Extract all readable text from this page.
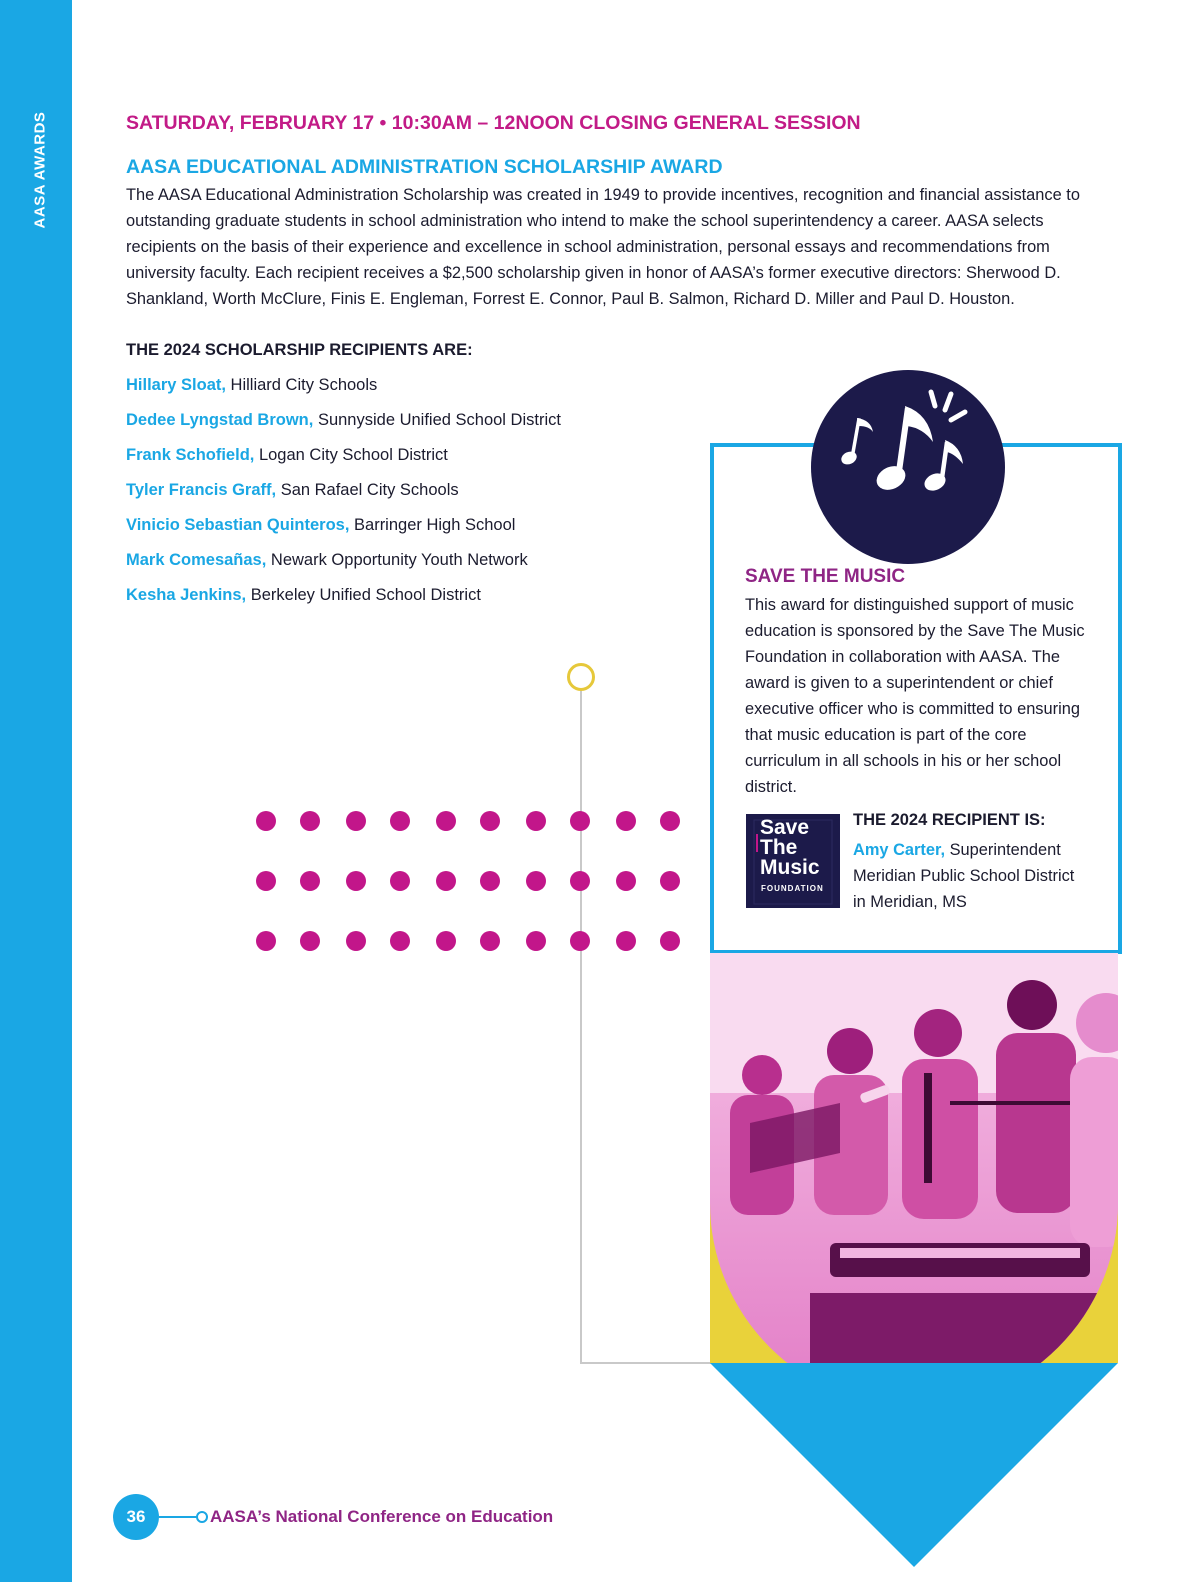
AASA AWARDS	SATURDAY, FEBRUARY 17 • 10:30AM – 12NOON CLOSING GENERAL SESSION
AASA EDUCATIONAL ADMINISTRATION SCHOLARSHIP AWARD
The AASA Educational Administration Scholarship was created in 1949 to provide incentives, recognition and financial assistance to outstanding graduate students in school administration who intend to make the school superintendency a career. AASA selects recipients on the basis of their experience and excellence in school administration, personal essays and recommendations from university faculty. Each recipient receives a $2,500 scholarship given in honor of AASA’s former executive directors: Sherwood D. Shankland, Worth McClure, Finis E. Engleman, Forrest E. Connor, Paul B. Salmon, Richard D. Miller and Paul D. Houston.
THE 2024 SCHOLARSHIP RECIPIENTS ARE:
Hillary Sloat, Hilliard City Schools
Dedee Lyngstad Brown, Sunnyside Unified School District
Frank Schofield, Logan City School District
Tyler Francis Graff, San Rafael City Schools
Vinicio Sebastian Quinteros, Barringer High School
Mark Comesañas, Newark Opportunity Youth Network
Kesha Jenkins, Berkeley Unified School District
SAVE THE MUSIC
This award for distinguished support of music education is sponsored by the Save The Music Foundation in collaboration with AASA. The award is given to a superintendent or chief executive officer who is committed to ensuring that music education is part of the core curriculum in all schools in his or her school district.
Save
The
Music
FOUNDATION
THE 2024 RECIPIENT IS:
Amy Carter, Superintendent
Meridian Public School District
in Meridian, MS
36	AASA’s National Conference on Education
